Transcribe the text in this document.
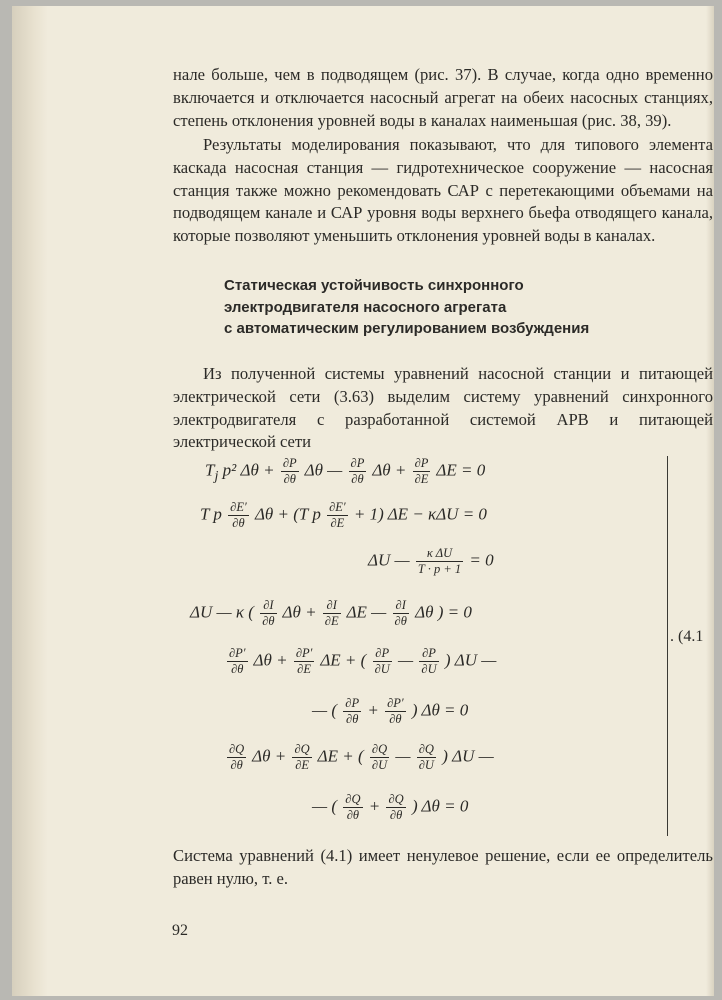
нале больше, чем в подводящем (рис. 37). В случае, когда одно временно включается и отключается насосный агрегат на обеих насосных станциях, степень отклонения уровней воды в каналах наименьшая (рис. 38, 39).

Результаты моделирования показывают, что для типового элемента каскада насосная станция — гидротехническое сооружение — насосная станция также можно рекомендовать САР с перетекающими объемами на подводящем канале и САР уровня воды верхнего бьефа отводящего канала, которые позволяют уменьшить отклонения уровней воды в каналах.

Статическая устойчивость синхронного
электродвигателя насосного агрегата
с автоматическим регулированием возбуждения

Из полученной системы уравнений насосной станции и питающей электрической сети (3.63) выделим систему уравнений синхронного электродвигателя с разработанной системой АРВ и питающей электрической сети

$T_j$ p² $\Delta\theta + \frac{\partial P}{\partial\theta}$ Δθ — $\frac{\partial P}{\partial\theta}$ $\Delta\theta + \frac{\partial P}{\partial E}$ ΔE = 0
T p $\frac{\partial E'}{\partial\theta}$ Δθ + (T p $\frac{\partial E'}{\partial E} + 1$) ΔE − κΔU = 0
ΔU — $\frac{\text{κ ΔU}}{T \cdot p + 1} = 0$
ΔU — κ ( $\frac{\partial I}{\partial\theta}$ $\Delta\theta + \frac{\partial I}{\partial E}$ ΔE — $\frac{\partial I}{\partial\theta}$ Δθ ) = 0
$\frac{\partial P'}{\partial\theta}$ $\Delta\theta + \frac{\partial P'}{\partial E}$ ΔE + ( $\frac{\partial P}{\partial U}$ — $\frac{\partial P}{\partial U}$ ) ΔU —
— ( $\frac{\partial P}{\partial\theta} + \frac{\partial P'}{\partial\theta}$ ) Δθ = 0
$\frac{\partial Q}{\partial\theta}$ $\Delta\theta + \frac{\partial Q}{\partial E}$ ΔE + ( $\frac{\partial Q}{\partial U}$ — $\frac{\partial Q}{\partial U}$ ) ΔU —
— ( $\frac{\partial Q}{\partial\theta} + \frac{\partial Q}{\partial\theta}$ ) Δθ = 0
. (4.1

Система уравнений (4.1) имеет ненулевое решение, если ее определитель равен нулю, т. е.

92
